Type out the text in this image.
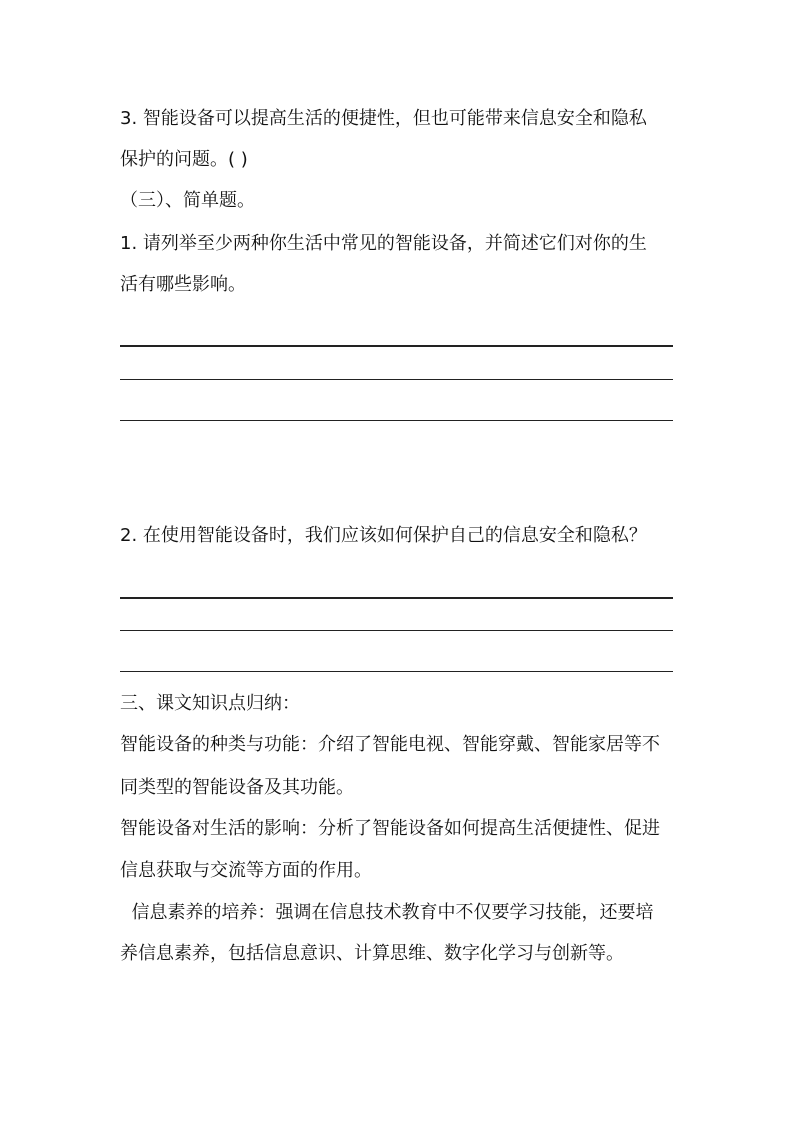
3. 智能设备可以提高生活的便捷性，但也可能带来信息安全和隐私
保护的问题。( )
（三）、简单题。
1. 请列举至少两种你生活中常见的智能设备，并简述它们对你的生
活有哪些影响。
2. 在使用智能设备时，我们应该如何保护自己的信息安全和隐私？
三、课文知识点归纳：
智能设备的种类与功能：介绍了智能电视、智能穿戴、智能家居等不
同类型的智能设备及其功能。
智能设备对生活的影响：分析了智能设备如何提高生活便捷性、促进
信息获取与交流等方面的作用。
信息素养的培养：强调在信息技术教育中不仅要学习技能，还要培
养信息素养，包括信息意识、计算思维、数字化学习与创新等。
